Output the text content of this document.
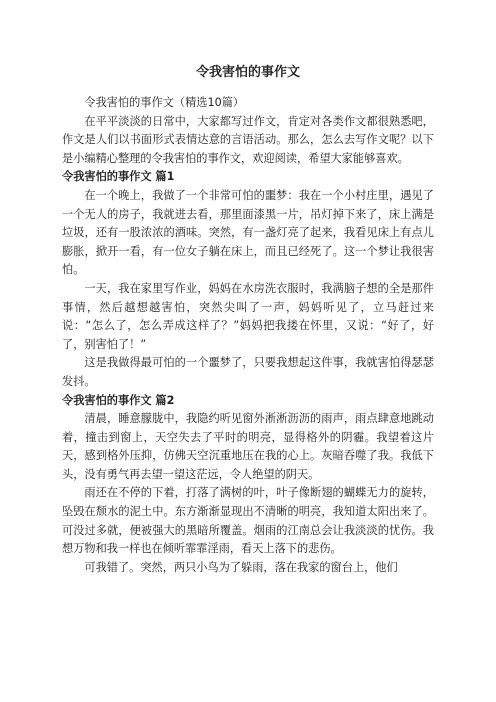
令我害怕的事作文

令我害怕的事作文（精选10篇）

在平平淡淡的日常中，大家都写过作文，肯定对各类作文都很熟悉吧，作文是人们以书面形式表情达意的言语活动。那么，怎么去写作文呢？以下是小编精心整理的令我害怕的事作文，欢迎阅读，希望大家能够喜欢。

令我害怕的事作文 篇1

在一个晚上，我做了一个非常可怕的噩梦：我在一个小村庄里，遇见了一个无人的房子，我就进去看，那里面漆黑一片，吊灯掉下来了，床上满是垃圾，还有一股浓浓的酒味。突然，有一盏灯亮了起来，我看见床上有点儿膨胀，掀开一看，有一位女子躺在床上，而且已经死了。这一个梦让我很害怕。

一天，我在家里写作业，妈妈在水房洗衣服时，我满脑子想的全是那件事情，然后越想越害怕，突然尖叫了一声，妈妈听见了，立马赶过来说：“怎么了，怎么弄成这样了？”妈妈把我搂在怀里，又说：“好了，好了，别害怕了！”

这是我做得最可怕的一个噩梦了，只要我想起这件事，我就害怕得瑟瑟发抖。

令我害怕的事作文 篇2

清晨，睡意朦胧中，我隐约听见窗外淅淅沥沥的雨声，雨点肆意地跳动着，撞击到窗上，天空失去了平时的明亮，显得格外的阴霾。我望着这片天，感到格外压抑，仿佛天空沉重地压在我的心上。灰暗吞噬了我。我低下头，没有勇气再去望一望这茫远，令人绝望的阴天。

雨还在不停的下着，打落了满树的叶，叶子像断翅的蝴蝶无力的旋转，坠毁在颓水的泥土中。东方渐渐显现出不清晰的明亮，我知道太阳出来了。可没过多就，便被强大的黑暗所覆盖。烟雨的江南总会让我淡淡的忧伤。我想万物和我一样也在倾听霏霏淫雨，看天上落下的悲伤。

可我错了。突然，两只小鸟为了躲雨，落在我家的窗台上，他们
